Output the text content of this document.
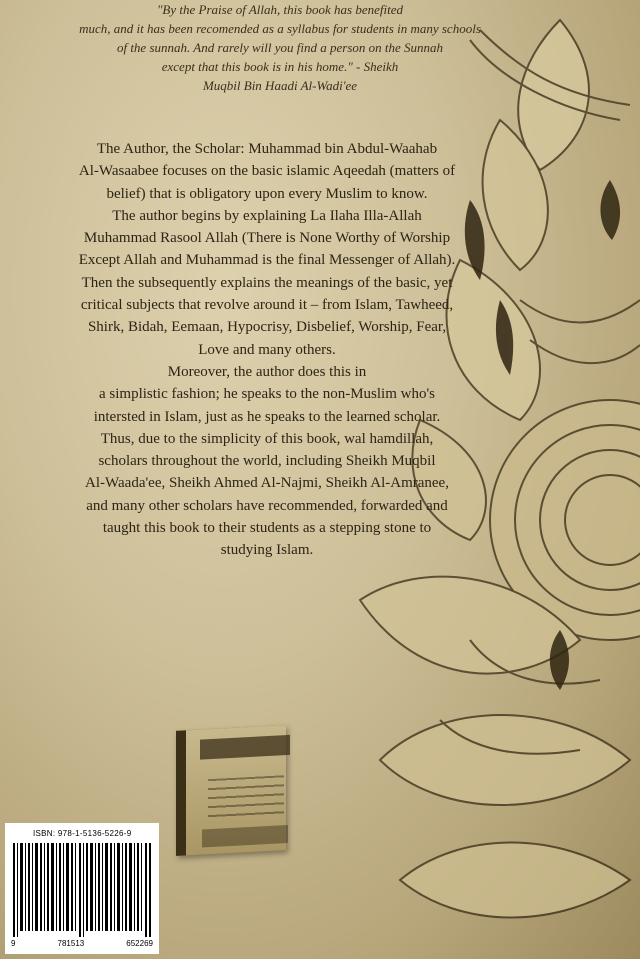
"By the Praise of Allah, this book has benefited

much, and it has been recomended as a syllabus for students in many schools

of the sunnah. And rarely will you find a person on the Sunnah

except that this book is in his home." - Sheikh

Muqbil Bin Haadi Al-Wadi'ee

The Author, the Scholar: Muhammad bin Abdul-Waahab

Al-Wasaabee focuses on the basic islamic Aqeedah (matters of

belief) that is obligatory upon every Muslim to know.

The author begins by explaining La Ilaha Illa-Allah

Muhammad Rasool Allah (There is None Worthy of Worship

Except Allah and Muhammad is the final Messenger of Allah).

Then the subsequently explains the meanings of the basic, yet

critical subjects that revolve around it – from Islam, Tawheed,

Shirk, Bidah, Eemaan, Hypocrisy, Disbelief, Worship, Fear,

Love and many others.

Moreover, the author does this in

a simplistic fashion; he speaks to the non-Muslim who's

intersted in Islam, just as he speaks to the learned scholar.

Thus, due to the simplicity of this book, wal hamdillah,

scholars throughout the world, including Sheikh Muqbil

Al-Waada'ee, Sheikh Ahmed Al-Najmi, Sheikh Al-Amranee,

and many other scholars have recommended, forwarded and

taught this book to their students as a stepping stone to

studying Islam.

ISBN: 978-1-5136-5226-9
9	781513	652269
